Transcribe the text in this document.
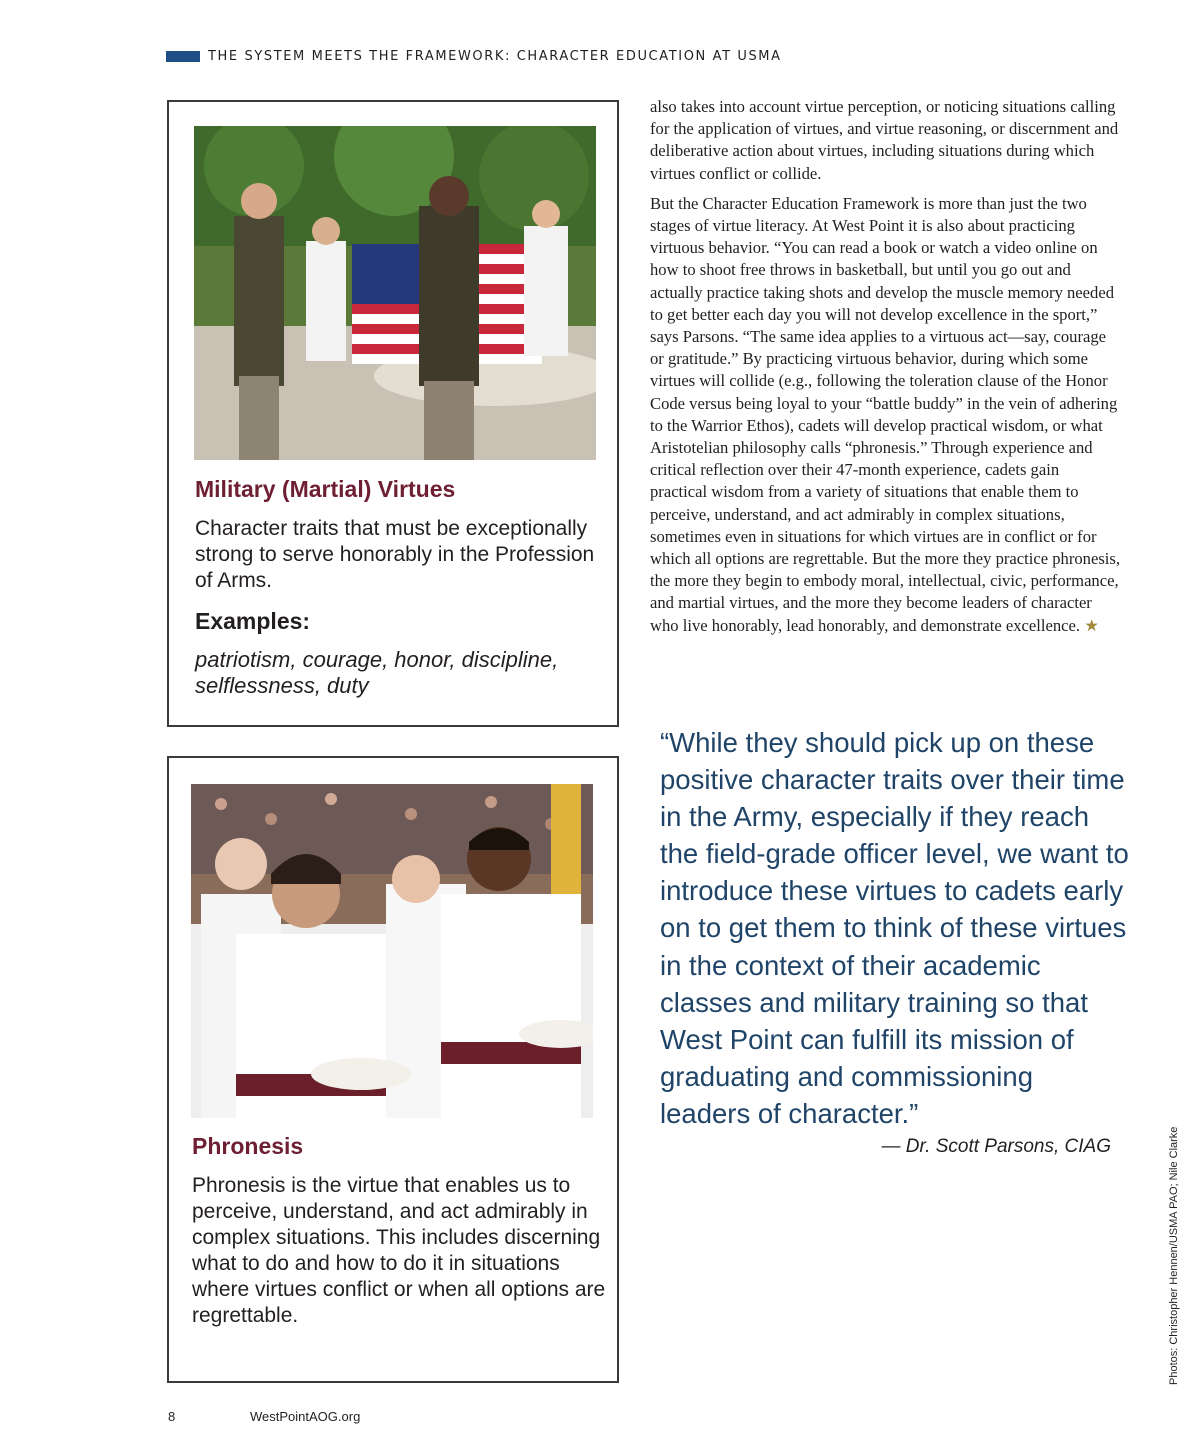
THE SYSTEM MEETS THE FRAMEWORK: CHARACTER EDUCATION AT USMA
Military (Martial) Virtues
Character traits that must be exceptionally strong to serve honorably in the Profession of Arms.
Examples:
patriotism, courage, honor, discipline, selflessness, duty
Phronesis
Phronesis is the virtue that enables us to perceive, understand, and act admirably in complex situations. This includes discerning what to do and how to do it in situations where virtues conflict or when all options are regrettable.

also takes into account virtue perception, or noticing situations calling for the application of virtues, and virtue reasoning, or discernment and deliberative action about virtues, including situations during which virtues conflict or collide.

But the Character Education Framework is more than just the two stages of virtue literacy. At West Point it is also about practicing virtuous behavior. “You can read a book or watch a video online on how to shoot free throws in basketball, but until you go out and actually practice taking shots and develop the muscle memory needed to get better each day you will not develop excellence in the sport,” says Parsons. “The same idea applies to a virtuous act—say, courage or gratitude.” By practicing virtuous behavior, during which some virtues will collide (e.g., following the toleration clause of the Honor Code versus being loyal to your “battle buddy” in the vein of adhering to the Warrior Ethos), cadets will develop practical wisdom, or what Aristotelian philosophy calls “phronesis.” Through experience and critical reflection over their 47-month experience, cadets gain practical wisdom from a variety of situations that enable them to perceive, understand, and act admirably in complex situations, sometimes even in situations for which virtues are in conflict or for which all options are regrettable. But the more they practice phronesis, the more they begin to embody moral, intellectual, civic, performance, and martial virtues, and the more they become leaders of character who live honorably, lead honorably, and demonstrate excellence. ★

“While they should pick up on these positive character traits over their time in the Army, especially if they reach the field-grade officer level, we want to introduce these virtues to cadets early on to get them to think of these virtues in the context of their academic classes and military training so that West Point can fulfill its mission of graduating and commissioning leaders of character.”
— Dr. Scott Parsons, CIAG	Photos: Christopher Hennen/USMA PAO; Nile Clarke
8	WestPointAOG.org
